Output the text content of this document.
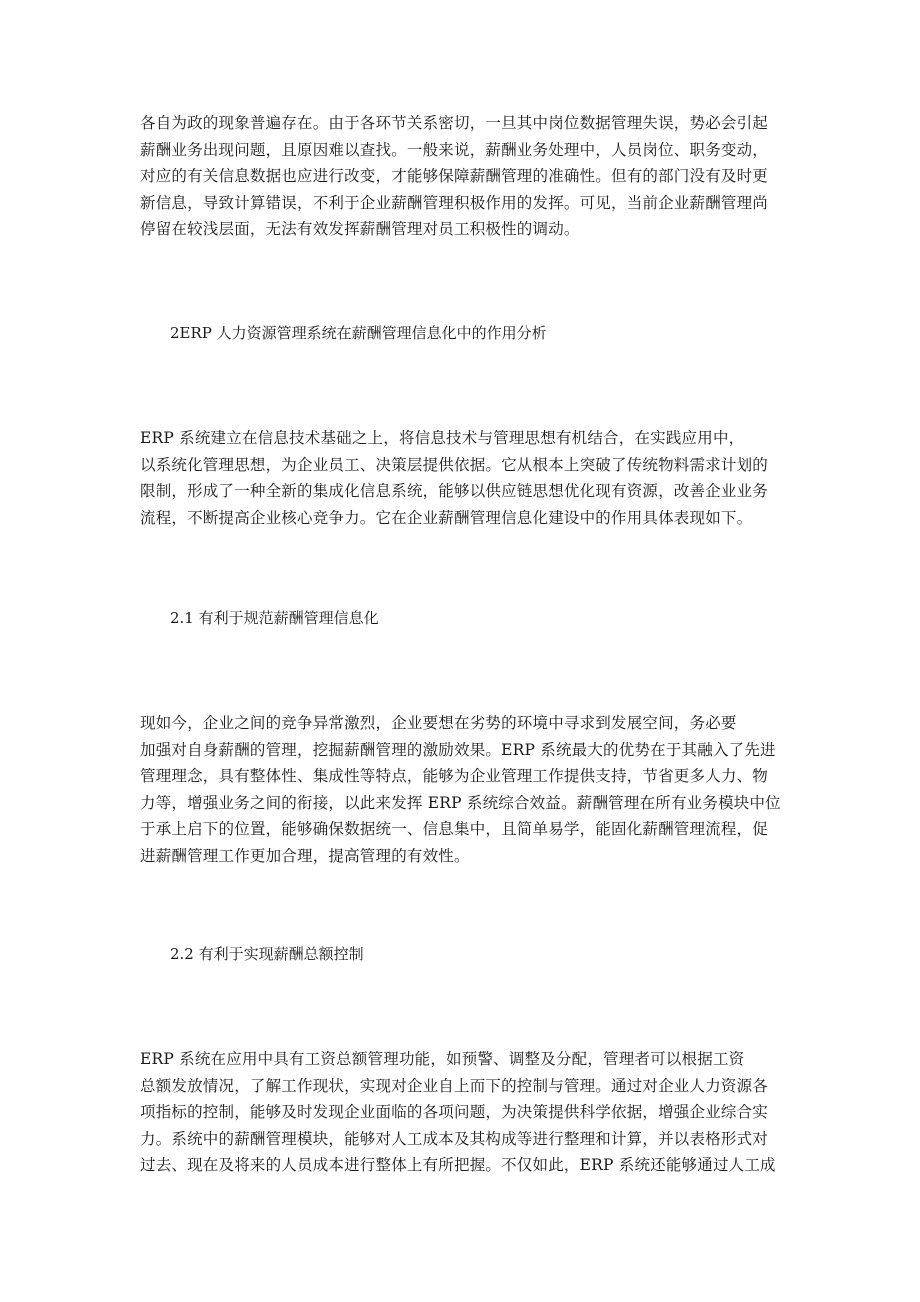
各自为政的现象普遍存在。由于各环节关系密切，一旦其中岗位数据管理失误，势必会引起
薪酬业务出现问题，且原因难以查找。一般来说，薪酬业务处理中，人员岗位、职务变动，
对应的有关信息数据也应进行改变，才能够保障薪酬管理的准确性。但有的部门没有及时更
新信息，导致计算错误，不利于企业薪酬管理积极作用的发挥。可见，当前企业薪酬管理尚
停留在较浅层面，无法有效发挥薪酬管理对员工积极性的调动。
2ERP 人力资源管理系统在薪酬管理信息化中的作用分析
ERP 系统建立在信息技术基础之上，将信息技术与管理思想有机结合，在实践应用中，
以系统化管理思想，为企业员工、决策层提供依据。它从根本上突破了传统物料需求计划的
限制，形成了一种全新的集成化信息系统，能够以供应链思想优化现有资源，改善企业业务
流程，不断提高企业核心竞争力。它在企业薪酬管理信息化建设中的作用具体表现如下。
2.1 有利于规范薪酬管理信息化
现如今，企业之间的竞争异常激烈，企业要想在劣势的环境中寻求到发展空间，务必要
加强对自身薪酬的管理，挖掘薪酬管理的激励效果。ERP 系统最大的优势在于其融入了先进
管理理念，具有整体性、集成性等特点，能够为企业管理工作提供支持，节省更多人力、物
力等，增强业务之间的衔接，以此来发挥 ERP 系统综合效益。薪酬管理在所有业务模块中位
于承上启下的位置，能够确保数据统一、信息集中，且简单易学，能固化薪酬管理流程，促
进薪酬管理工作更加合理，提高管理的有效性。
2.2 有利于实现薪酬总额控制
ERP 系统在应用中具有工资总额管理功能，如预警、调整及分配，管理者可以根据工资
总额发放情况，了解工作现状，实现对企业自上而下的控制与管理。通过对企业人力资源各
项指标的控制，能够及时发现企业面临的各项问题，为决策提供科学依据，增强企业综合实
力。系统中的薪酬管理模块，能够对人工成本及其构成等进行整理和计算，并以表格形式对
过去、现在及将来的人员成本进行整体上有所把握。不仅如此，ERP 系统还能够通过人工成
